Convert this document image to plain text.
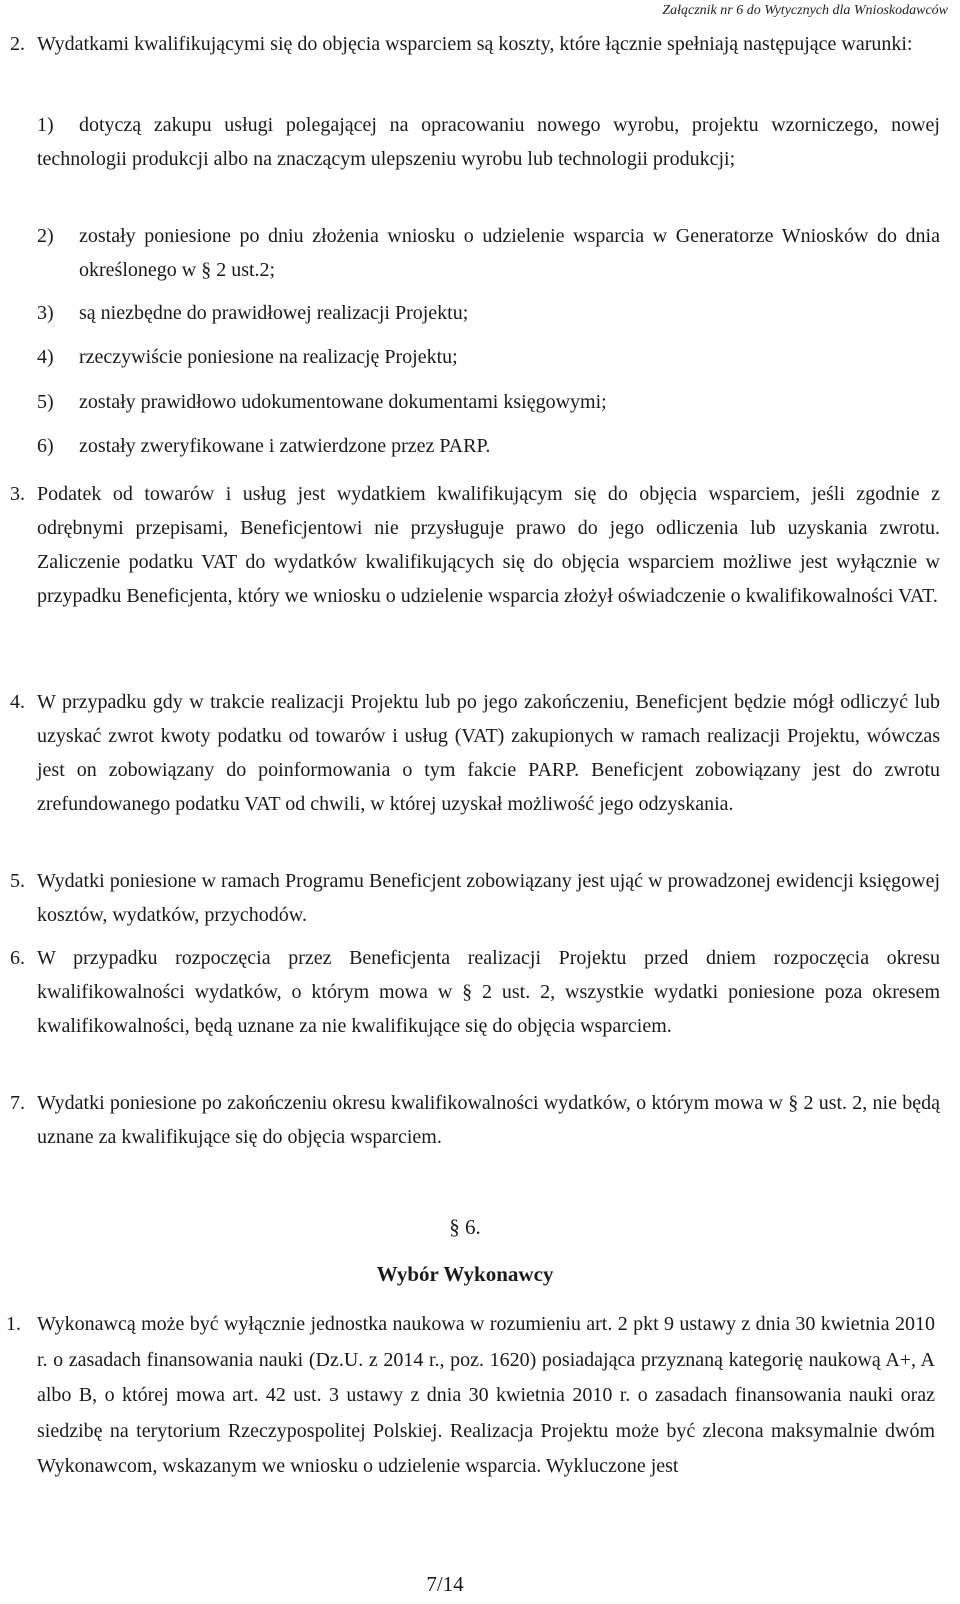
Załącznik nr 6 do Wytycznych dla Wnioskodawców
2. Wydatkami kwalifikującymi się do objęcia wsparciem są koszty, które łącznie spełniają następujące warunki:
1)	dotyczą zakupu usługi polegającej na opracowaniu nowego wyrobu, projektu wzorniczego, nowej technologii produkcji albo na znaczącym ulepszeniu wyrobu lub technologii produkcji;
2) zostały poniesione po dniu złożenia wniosku o udzielenie wsparcia w Generatorze Wniosków do dnia określonego w § 2 ust.2;
3) są niezbędne do prawidłowej realizacji Projektu;
4) rzeczywiście poniesione na realizację Projektu;
5) zostały prawidłowo udokumentowane dokumentami księgowymi;
6) zostały zweryfikowane i zatwierdzone przez PARP.
3. Podatek od towarów i usług jest wydatkiem kwalifikującym się do objęcia wsparciem, jeśli zgodnie z odrębnymi przepisami, Beneficjentowi nie przysługuje prawo do jego odliczenia lub uzyskania zwrotu. Zaliczenie podatku VAT do wydatków kwalifikujących się do objęcia wsparciem możliwe jest wyłącznie w przypadku Beneficjenta, który we wniosku o udzielenie wsparcia złożył oświadczenie o kwalifikowalności VAT.
4. W przypadku gdy w trakcie realizacji Projektu lub po jego zakończeniu, Beneficjent będzie mógł odliczyć lub uzyskać zwrot kwoty podatku od towarów i usług (VAT) zakupionych w ramach realizacji Projektu, wówczas jest on zobowiązany do poinformowania o tym fakcie PARP. Beneficjent zobowiązany jest do zwrotu zrefundowanego podatku VAT od chwili, w której uzyskał możliwość jego odzyskania.
5. Wydatki poniesione w ramach Programu Beneficjent zobowiązany jest ująć w prowadzonej ewidencji księgowej kosztów, wydatków, przychodów.
6. W przypadku rozpoczęcia przez Beneficjenta realizacji Projektu przed dniem rozpoczęcia okresu kwalifikowalności wydatków, o którym mowa w § 2 ust. 2, wszystkie wydatki poniesione poza okresem kwalifikowalności, będą uznane za nie kwalifikujące się do objęcia wsparciem.
7. Wydatki poniesione po zakończeniu okresu kwalifikowalności wydatków, o którym mowa w § 2 ust. 2, nie będą uznane za kwalifikujące się do objęcia wsparciem.
§ 6.
Wybór Wykonawcy
1. Wykonawcą może być wyłącznie jednostka naukowa w rozumieniu art. 2 pkt 9 ustawy z dnia 30 kwietnia 2010 r. o zasadach finansowania nauki (Dz.U. z 2014 r., poz. 1620) posiadająca przyznaną kategorię naukową A+, A albo B, o której mowa art. 42 ust. 3 ustawy z dnia 30 kwietnia 2010 r. o zasadach finansowania nauki oraz siedzibę na terytorium Rzeczypospolitej Polskiej. Realizacja Projektu może być zlecona maksymalnie dwóm Wykonawcom, wskazanym we wniosku o udzielenie wsparcia. Wykluczone jest
7/14
